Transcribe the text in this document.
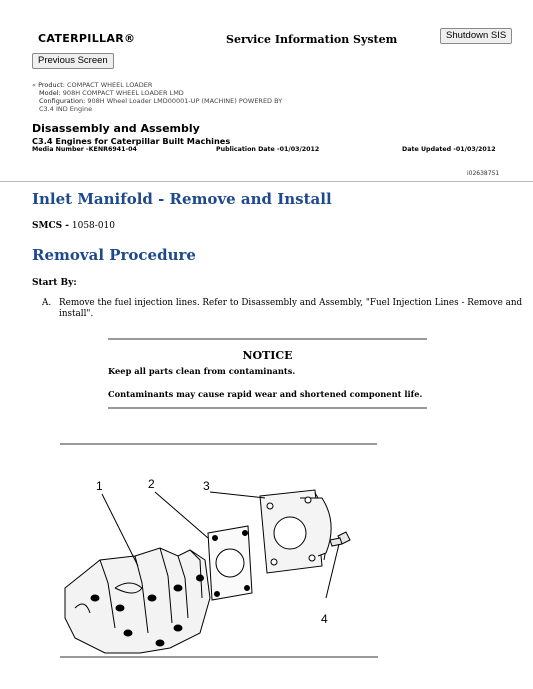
CATERPILLAR®	Service Information System	Shutdown SIS
Previous Screen
« Product: COMPACT WHEEL LOADER
Model: 908H COMPACT WHEEL LOADER LMD
Configuration: 908H Wheel Loader LMD00001-UP (MACHINE) POWERED BY
C3.4 IND Engine
Disassembly and Assembly
C3.4 Engines for Caterpillar Built Machines
Media Number -KENR6941-04	Publication Date -01/03/2012	Date Updated -01/03/2012
i02638751
Inlet Manifold - Remove and Install
SMCS - 1058-010
Removal Procedure
Start By:
A. Remove the fuel injection lines. Refer to Disassembly and Assembly, "Fuel Injection Lines - Remove and install".
NOTICE
Keep all parts clean from contaminants.
Contaminants may cause rapid wear and shortened component life.
1	2	3
4
